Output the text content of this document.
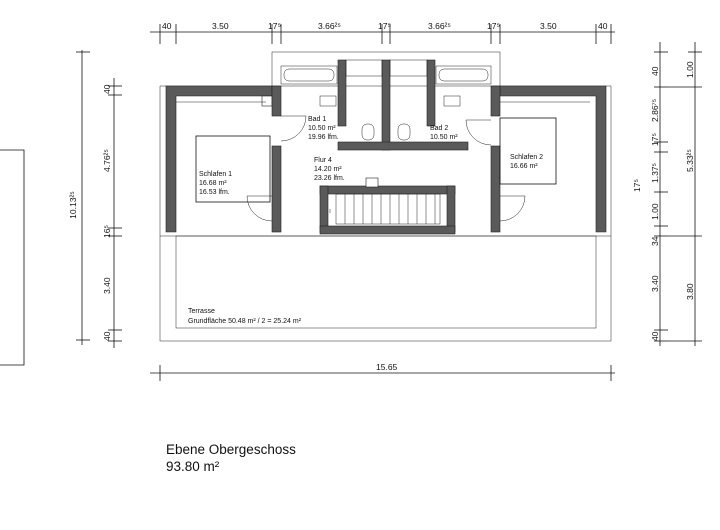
40	3.50	17⁵	3.66²⁵	17⁵	3.66²⁵	17⁵	3.50	40
10.13²⁵
40
4.76²⁵
16⁵
3.40
40
40
2.86⁷⁵
17⁵
1.37⁵
1.00
34
3.40
40
1.00
5.33²⁵
3.80
17⁵
15.65
Schlafen 1
16.68 m²
16.53 lfm.
Schlafen 2
16.66 m²
Bad 1
10.50 m²
19.96 lfm.
Bad 2
10.50 m²
Flur 4
14.20 m²
23.26 lfm.
Terrasse
Grundfläche 50.48 m² / 2 = 25.24 m²
Ebene Obergeschoss
93.80 m²
